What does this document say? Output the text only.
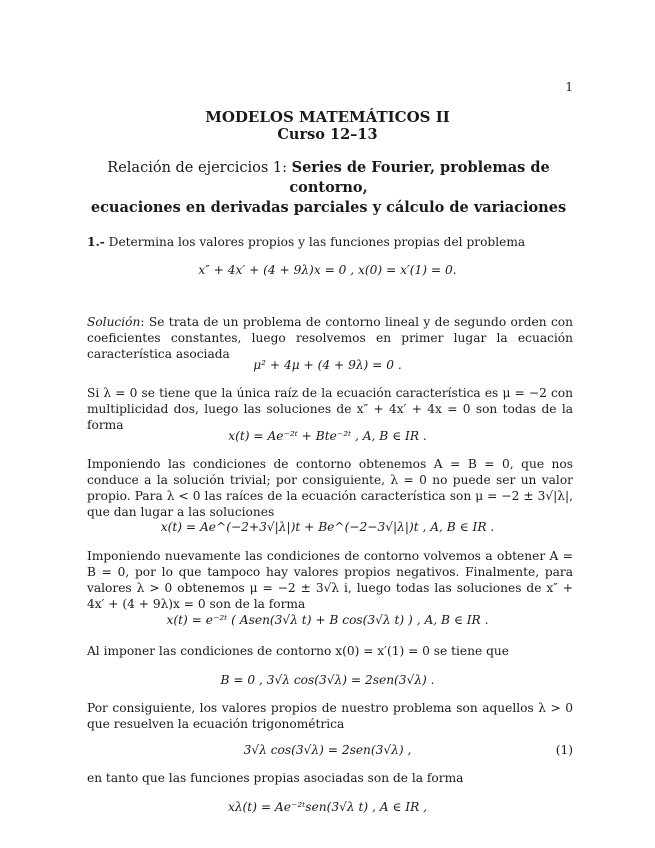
1
MODELOS MATEMÁTICOS II
Curso 12–13
Relación de ejercicios 1: Series de Fourier, problemas de contorno,
ecuaciones en derivadas parciales y cálculo de variaciones
1.- Determina los valores propios y las funciones propias del problema
x″ + 4x′ + (4 + 9λ)x = 0 , x(0) = x′(1) = 0.
Solución: Se trata de un problema de contorno lineal y de segundo orden con coeficientes constantes, luego resolvemos en primer lugar la ecuación característica asociada
μ² + 4μ + (4 + 9λ) = 0 .
Si λ = 0 se tiene que la única raíz de la ecuación característica es μ = −2 con multiplicidad dos, luego las soluciones de x″ + 4x′ + 4x = 0 son todas de la forma
x(t) = Ae⁻²ᵗ + Bte⁻²ᵗ , A, B ∈ IR .
Imponiendo las condiciones de contorno obtenemos A = B = 0, que nos conduce a la solución trivial; por consiguiente, λ = 0 no puede ser un valor propio. Para λ < 0 las raíces de la ecuación característica son μ = −2 ± 3√|λ|, que dan lugar a las soluciones
x(t) = Ae^(−2+3√|λ|)t + Be^(−2−3√|λ|)t , A, B ∈ IR .
Imponiendo nuevamente las condiciones de contorno volvemos a obtener A = B = 0, por lo que tampoco hay valores propios negativos. Finalmente, para valores λ > 0 obtenemos μ = −2 ± 3√λ i, luego todas las soluciones de x″ + 4x′ + (4 + 9λ)x = 0 son de la forma
x(t) = e⁻²ᵗ ( Asen(3√λ t) + B cos(3√λ t) ) , A, B ∈ IR .
Al imponer las condiciones de contorno x(0) = x′(1) = 0 se tiene que
B = 0 , 3√λ cos(3√λ) = 2sen(3√λ) .
Por consiguiente, los valores propios de nuestro problema son aquellos λ > 0 que resuelven la ecuación trigonométrica
3√λ cos(3√λ) = 2sen(3√λ) ,	(1)
en tanto que las funciones propias asociadas son de la forma
xλ(t) = Ae⁻²ᵗsen(3√λ t) , A ∈ IR ,
